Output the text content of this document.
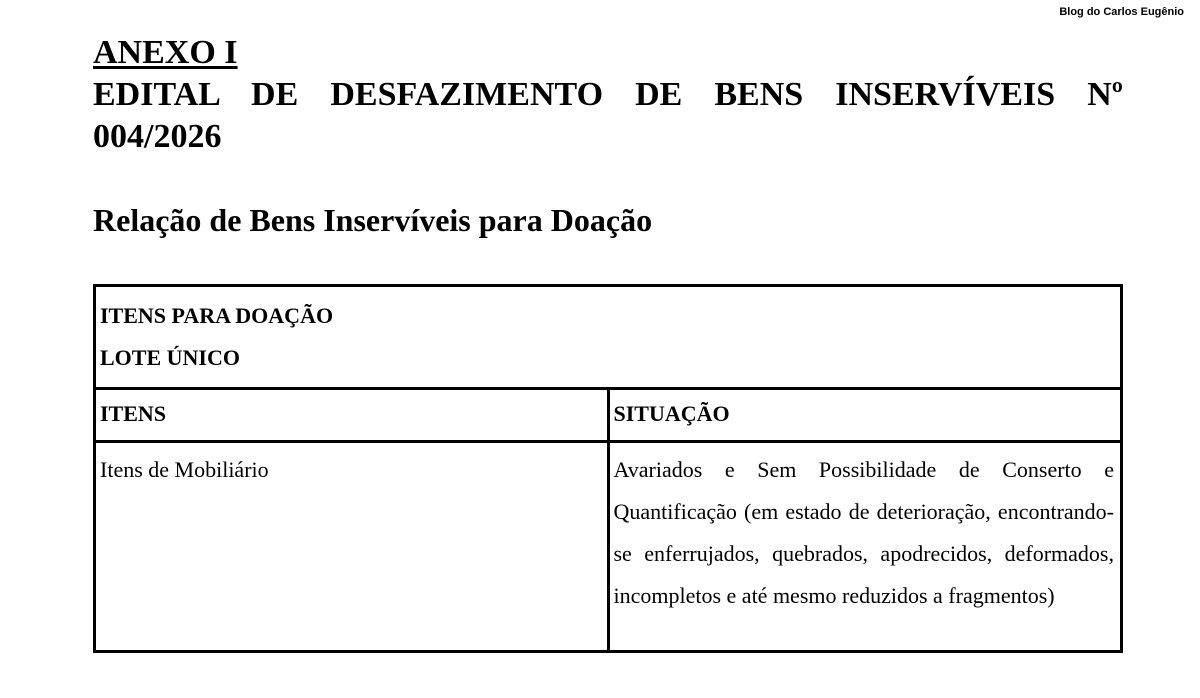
Blog do Carlos Eugênio
ANEXO I
EDITAL DE DESFAZIMENTO DE BENS INSERVÍVEIS Nº 004/2026
Relação de Bens Inservíveis para Doação
ITENS PARA DOAÇÃO
LOTE ÚNICO	

ITENS	SITUAÇÃO
Itens de Mobiliário	Avariados e Sem Possibilidade de Conserto e Quantificação (em estado de deterioração, encontrando-se enferrujados, quebrados, apodrecidos, deformados, incompletos e até mesmo reduzidos a fragmentos)
